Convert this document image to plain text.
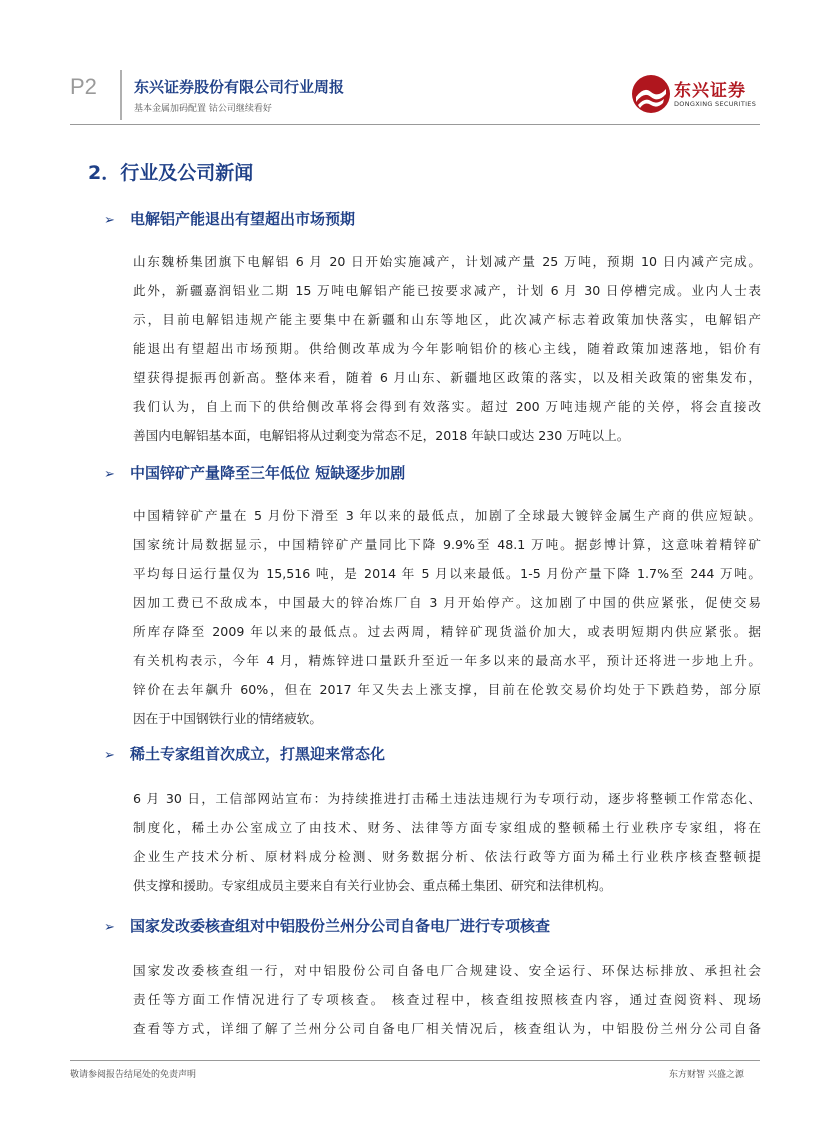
P2 东兴证券股份有限公司行业周报
基本金属加码配置 钴公司继续看好
东兴证券
DONGXING SECURITIES
2．行业及公司新闻
➢ 电解铝产能退出有望超出市场预期
山东魏桥集团旗下电解铝 6 月 20 日开始实施减产，计划减产量 25 万吨，预期 10 日内减产完成。
此外，新疆嘉润铝业二期 15 万吨电解铝产能已按要求减产，计划 6 月 30 日停槽完成。业内人士表
示，目前电解铝违规产能主要集中在新疆和山东等地区，此次减产标志着政策加快落实，电解铝产
能退出有望超出市场预期。供给侧改革成为今年影响铝价的核心主线，随着政策加速落地，铝价有
望获得提振再创新高。整体来看，随着 6 月山东、新疆地区政策的落实，以及相关政策的密集发布，
我们认为，自上而下的供给侧改革将会得到有效落实。超过 200 万吨违规产能的关停，将会直接改
善国内电解铝基本面，电解铝将从过剩变为常态不足，2018 年缺口或达 230 万吨以上。
➢ 中国锌矿产量降至三年低位 短缺逐步加剧
中国精锌矿产量在 5 月份下滑至 3 年以来的最低点，加剧了全球最大镀锌金属生产商的供应短缺。
国家统计局数据显示，中国精锌矿产量同比下降 9.9%至 48.1 万吨。据彭博计算，这意味着精锌矿
平均每日运行量仅为 15,516 吨，是 2014 年 5 月以来最低。1-5 月份产量下降 1.7%至 244 万吨。
因加工费已不敌成本，中国最大的锌冶炼厂自 3 月开始停产。这加剧了中国的供应紧张，促使交易
所库存降至 2009 年以来的最低点。过去两周，精锌矿现货溢价加大，或表明短期内供应紧张。据
有关机构表示，今年 4 月，精炼锌进口量跃升至近一年多以来的最高水平，预计还将进一步地上升。
锌价在去年飙升 60%，但在 2017 年又失去上涨支撑，目前在伦敦交易价均处于下跌趋势，部分原
因在于中国钢铁行业的情绪疲软。
➢ 稀土专家组首次成立，打黑迎来常态化
6 月 30 日，工信部网站宣布：为持续推进打击稀土违法违规行为专项行动，逐步将整顿工作常态化、
制度化，稀土办公室成立了由技术、财务、法律等方面专家组成的整顿稀土行业秩序专家组，将在
企业生产技术分析、原材料成分检测、财务数据分析、依法行政等方面为稀土行业秩序核查整顿提
供支撑和援助。专家组成员主要来自有关行业协会、重点稀土集团、研究和法律机构。
➢ 国家发改委核查组对中铝股份兰州分公司自备电厂进行专项核查
国家发改委核查组一行，对中铝股份公司自备电厂合规建设、安全运行、环保达标排放、承担社会
责任等方面工作情况进行了专项核查。 核查过程中，核查组按照核查内容，通过查阅资料、现场
查看等方式，详细了解了兰州分公司自备电厂相关情况后，核查组认为，中铝股份兰州分公司自备
敬请参阅报告结尾处的免责声明	东方财智 兴盛之源
